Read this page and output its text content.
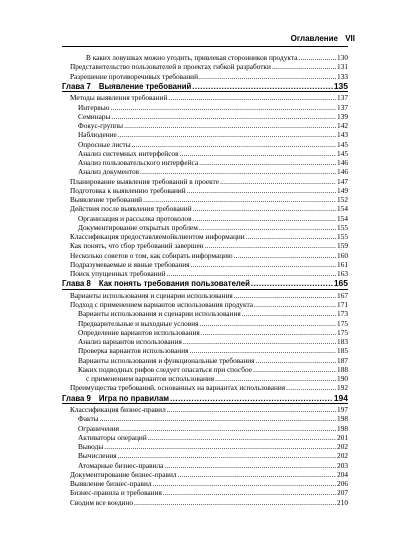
Оглавление VII
В каких ловушках можно угодить, привлекая сторонников продукта .....	130
Представительство пользователей в проектах гибкой разработки .....	131
Разрешение противоречивых требований .....	133
Глава 7 Выявление требований .....	135
Методы выявления требований .....	137
Интервью .....	137
Семинары .....	139
Фокус-группы .....	142
Наблюдение .....	143
Опросные листы .....	145
Анализ системных интерфейсов .....	145
Анализ пользовательского интерфейса .....	146
Анализ документов .....	146
Планирование выявления требований в проекте .....	147
Подготовка к выявлению требований .....	149
Выявление требований .....	152
Действия после выявления требований .....	154
Организация и рассылка протоколов .....	154
Документирование открытых проблем .....	155
Классификация предоставляемойклиентом информации .....	155
Как понять, что сбор требований завершен .....	159
Несколько советов о том, как собирать информацию .....	160
Подразумеваемые и явные требования .....	161
Поиск упущенных требований .....	163
Глава 8 Как понять требования пользователей .....	165
Варианты использования и сценарии использования .....	167
Подход с применением вариантов использования продукта .....	171
Варианты использования и сценарии использования .....	173
Предварительные и выходные условия .....	175
Определение вариантов использования .....	175
Анализ вариантов использования .....	183
Проверка вариантов использования .....	185
Варианты использования и функциональные требования .....	187
Каких подводных рифов следует опасаться при спосбое .....	188
с применением вариантов использования .....	190
Преимущества требований, основанных на вариантах использования .....	192
Глава 9 Игра по правилам .....	194
Классификация бизнес-правил .....	197
Факты .....	198
Ограничения .....	198
Активаторы операций .....	201
Выводы .....	202
Вычисления .....	202
Атомарные бизнес-правила .....	203
Документирование бизнес-правил .....	204
Выявление бизнес-правил .....	206
Бизнес-правила и требования .....	207
Сводим все воедино .....	210
